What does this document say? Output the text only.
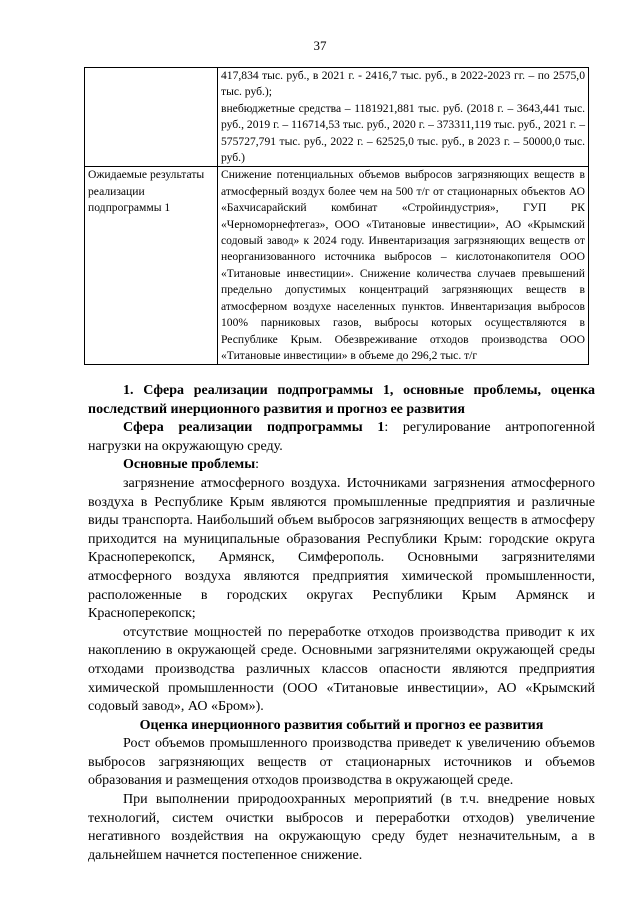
37

	417,834 тыс. руб., в 2021 г. - 2416,7 тыс. руб., в 2022-2023 гг. – по 2575,0 тыс. руб.);
внебюджетные средства – 1181921,881 тыс. руб. (2018 г. – 3643,441 тыс. руб., 2019 г. – 116714,53 тыс. руб., 2020 г. – 373311,119 тыс. руб., 2021 г. – 575727,791 тыс. руб., 2022 г. – 62525,0 тыс. руб., в 2023 г. – 50000,0 тыс. руб.)

Ожидаемые результаты реализации подпрограммы 1	Снижение потенциальных объемов выбросов загрязняющих веществ в атмосферный воздух более чем на 500 т/г от стационарных объектов АО «Бахчисарайский комбинат «Стройиндустрия», ГУП РК «Черноморнефтегаз», ООО «Титановые инвестиции», АО «Крымский содовый завод» к 2024 году. Инвентаризация загрязняющих веществ от неорганизованного источника выбросов – кислотонакопителя ООО «Титановые инвестиции». Снижение количества случаев превышений предельно допустимых концентраций загрязняющих веществ в атмосферном воздухе населенных пунктов. Инвентаризация выбросов 100% парниковых газов, выбросы которых осуществляются в Республике Крым. Обезвреживание отходов производства ООО «Титановые инвестиции» в объеме до 296,2 тыс. т/г

1. Сфера реализации подпрограммы 1, основные проблемы, оценка последствий инерционного развития и прогноз ее развития

Сфера реализации подпрограммы 1: регулирование антропогенной нагрузки на окружающую среду.

Основные проблемы:

загрязнение атмосферного воздуха. Источниками загрязнения атмосферного воздуха в Республике Крым являются промышленные предприятия и различные виды транспорта. Наибольший объем выбросов загрязняющих веществ в атмосферу приходится на муниципальные образования Республики Крым: городские округа Красноперекопск, Армянск, Симферополь. Основными загрязнителями атмосферного воздуха являются предприятия химической промышленности, расположенные в городских округах Республики Крым Армянск и Красноперекопск;

отсутствие мощностей по переработке отходов производства приводит к их накоплению в окружающей среде. Основными загрязнителями окружающей среды отходами производства различных классов опасности являются предприятия химической промышленности (ООО «Титановые инвестиции», АО «Крымский содовый завод», АО «Бром»).

Оценка инерционного развития событий и прогноз ее развития

Рост объемов промышленного производства приведет к увеличению объемов выбросов загрязняющих веществ от стационарных источников и объемов образования и размещения отходов производства в окружающей среде.

При выполнении природоохранных мероприятий (в т.ч. внедрение новых технологий, систем очистки выбросов и переработки отходов) увеличение негативного воздействия на окружающую среду будет незначительным, а в дальнейшем начнется постепенное снижение.
